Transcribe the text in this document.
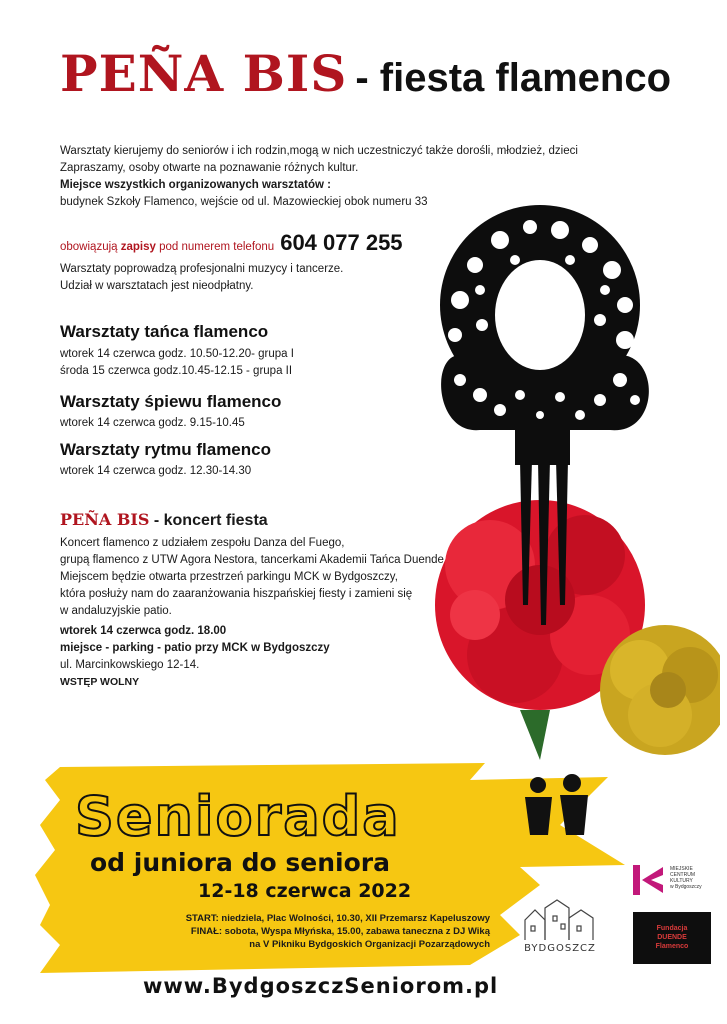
PEÑA BIS - fiesta flamenco
Warsztaty kierujemy do seniorów i ich rodzin,mogą w nich uczestniczyć także dorośli, młodzież, dzieci
Zapraszamy, osoby otwarte na poznawanie różnych kultur.
Miejsce wszystkich organizowanych warsztatów :
budynek Szkoły Flamenco, wejście od ul. Mazowieckiej obok numeru 33
obowiązują zapisy pod numerem telefonu 604 077 255
Warsztaty poprowadzą profesjonalni muzycy i tancerze.
Udział w warsztatach jest nieodpłatny.
Warsztaty tańca flamenco
wtorek 14 czerwca godz. 10.50-12.20- grupa I
środa 15 czerwca godz.10.45-12.15 - grupa II
Warsztaty śpiewu flamenco
wtorek 14 czerwca godz. 9.15-10.45
Warsztaty rytmu flamenco
wtorek 14 czerwca godz. 12.30-14.30
PEÑA BIS - koncert fiesta
Koncert flamenco z udziałem zespołu Danza del Fuego,
grupą flamenco z UTW Agora Nestora, tancerkami Akademii Tańca Duende
Miejscem będzie otwarta przestrzeń parkingu MCK w Bydgoszczy,
która posłuży nam do zaaranżowania hiszpańskiej fiesty i zamieni się
w andaluzyjskie patio.
wtorek 14 czerwca godz. 18.00
miejsce - parking - patio przy MCK w Bydgoszczy
ul. Marcinkowskiego 12-14.
WSTĘP WOLNY
Seniorada
od juniora do seniora
12-18 czerwca 2022
START: niedziela, Plac Wolności, 10.30, XII Przemarsz Kapeluszowy
FINAŁ: sobota, Wyspa Młyńska, 15.00, zabawa taneczna z DJ Wiką
na V Pikniku Bydgoskich Organizacji Pozarządowych	BYDGOSZCZ
MIEJSKIE
CENTRUM
KULTURY
w Bydgoszczy
Fundacja
DUENDE
Flamenco
www.BydgoszczSeniorom.pl
